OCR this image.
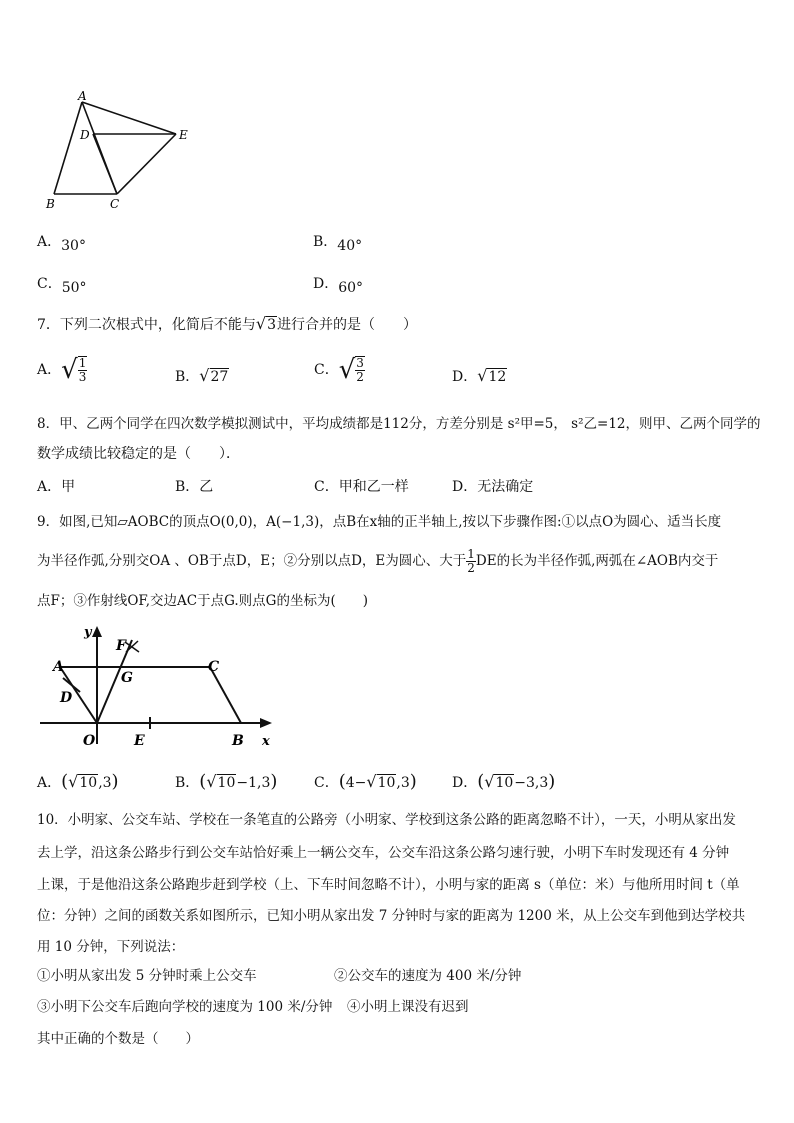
A
D	E
B	C
A．30°	B．40°
C．50°	D．60°
7．下列二次根式中，化简后不能与√3进行合并的是（　　）
A．√ $\frac{1}{3}$	B．√27	C．√ $\frac{3}{2}$	D．√12
8．甲、乙两个同学在四次数学模拟测试中，平均成绩都是112分，方差分别是 s²甲=5， s²乙=12，则甲、乙两个同学的
数学成绩比较稳定的是（　　）．
A．甲	B．乙	C．甲和乙一样	D．无法确定
9．如图,已知▱AOBC的顶点O(0,0)，A(−1,3)，点B在x轴的正半轴上,按以下步骤作图:①以点O为圆心、适当长度
为半径作弧,分别交OA 、OB于点D，E；②分别以点D，E为圆心、大于 $\frac{1}{2}$ DE的长为半径作弧,两弧在∠AOB内交于
点F；③作射线OF,交边AC于点G.则点G的坐标为(　　)
y
F
A	C
G
D
O	E	B x
A．(√10,3)	B．(√10−1,3)	C．(4−√10,3)	D．(√10−3,3)
10．小明家、公交车站、学校在一条笔直的公路旁（小明家、学校到这条公路的距离忽略不计），一天，小明从家出发
去上学，沿这条公路步行到公交车站恰好乘上一辆公交车，公交车沿这条公路匀速行驶，小明下车时发现还有 4 分钟
上课，于是他沿这条公路跑步赶到学校（上、下车时间忽略不计），小明与家的距离 s（单位：米）与他所用时间 t（单
位：分钟）之间的函数关系如图所示，已知小明从家出发 7 分钟时与家的距离为 1200 米，从上公交车到他到达学校共
用 10 分钟，下列说法：
①小明从家出发 5 分钟时乘上公交车	②公交车的速度为 400 米/分钟
③小明下公交车后跑向学校的速度为 100 米/分钟 ④小明上课没有迟到
其中正确的个数是（　　）
